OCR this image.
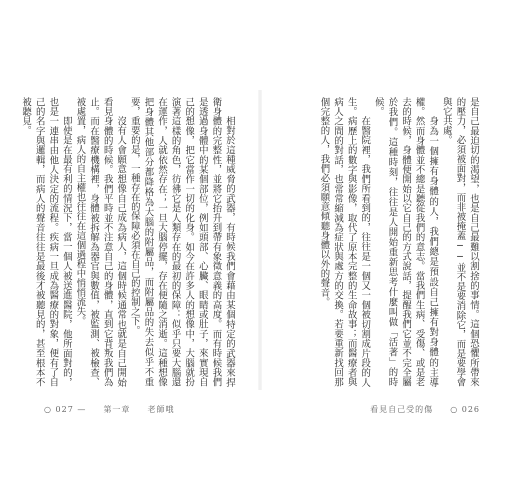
相對於這種威脅的武器，有時候我們會藉由某個特定的武器來捍衛身體的完整性，並將它抬升到帶有象徵意義的高度。而有時候我們是透過身體中的某個部位，例如頭部、心臟、眼睛或肚子，來實現自己的想像，把它當作一切的化身。如今在許多人的想像中，大腦就扮演著這樣的角色，彷彿它是人類存在的最初的保障：似乎只要大腦還在運作，人就依然存在；一旦大腦停擺，存在便隨之消逝。這種想像把身體其他部分都降格為大腦的附屬品，而附屬品的失去似乎不重要，重要的是，一種存在的保障必須在自己的控制之下。

沒有人會願意想像自己成為病人，這個時候通常也就是自己開始看見身體的時候。我們平時並不注意自己的身體，直到它背叛我們為止。而在醫療機構裡，身體被拆解為器官與數值，被監測、被檢查、被處置，病人的自主權也往往在這個過程中悄悄流失。

即使是在最有利的情況下，當一個人被送進醫院，他所面對的，也是一連串由他人決定的流程。疾病一旦成為醫療的對象，便有了自己的名字與邏輯，而病人的聲音往往是最後才被聽見的，甚至根本不被聽見。

○ 027 — 第一章 老師哦	看見自己受的傷 ○ 026

是自己最迫切的渴望，也是自己最難以割捨的事情。這個恐懼所帶來的壓力，必須被面對，而非被掩蓋──並不是要消除它，而是要學會與它共處。

身為一個擁有身體的人，我們總是預設自己擁有對身體的主導權。然而身體並不總是聽從我們的意志。當我們生病、受傷、或是老去的時候，身體便開始以它自己的方式說話，提醒我們它並不完全屬於我們。這種時刻，往往是人開始重新思考什麼叫做「活著」的時候。

在醫院裡，我們所看到的，往往是一個又一個被切割成片段的人生。病歷上的數字與影像，取代了原本完整的生命故事；而醫療者與病人之間的對話，也常常縮減為症狀與處方的交換。若要重新找回那個完整的人，我們必須願意傾聽身體以外的聲音。
